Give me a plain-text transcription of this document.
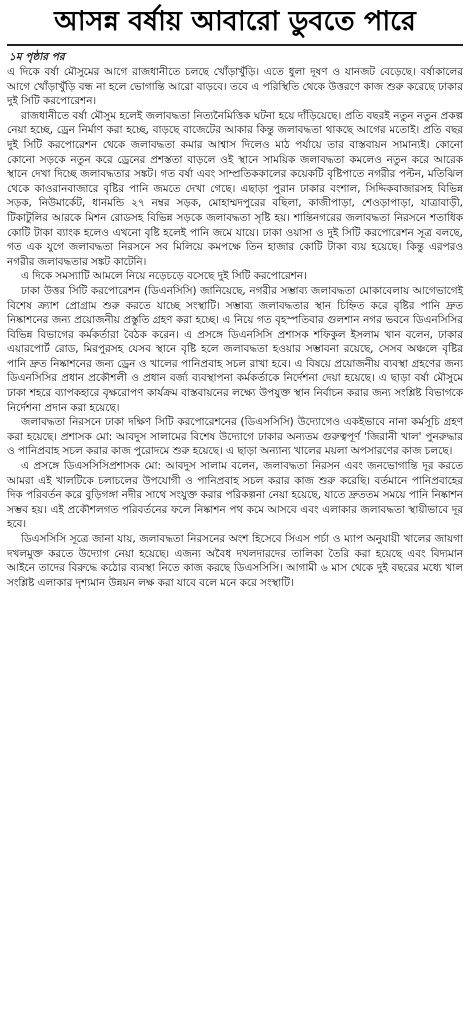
আসন্ন বর্ষায় আবারো ডুবতে পারে
১ম পৃষ্ঠার পর

এ দিকে বর্ষা মৌসুমের আগে রাজধানীতে চলছে খোঁড়াখুঁড়ি। এতে ধুলা দূষণ ও যানজট বেড়েছে। বর্ষাকালের আগে খোঁড়াখুঁড়ি বন্ধ না হলে ভোগান্তি আরো বাড়বে। তবে এ পরিস্থিতি থেকে উত্তরণে কাজ শুরু করেছে ঢাকার দুই সিটি করপোরেশন।

রাজধানীতে বর্ষা মৌসুম হলেই জলাবদ্ধতা নিত্যনৈমিত্তিক ঘটনা হয়ে দাঁড়িয়েছে। প্রতি বছরই নতুন নতুন প্রকল্প নেয়া হচ্ছে, ড্রেন নির্মাণ করা হচ্ছে, বাড়ছে বাজেটের আকার কিন্তু জলাবদ্ধতা থাকছে আগের মতোই। প্রতি বছর দুই সিটি করপোরেশন থেকে জলাবদ্ধতা কমার আশ্বাস দিলেও মাঠ পর্যায়ে তার বাস্তবায়ন সামান্যই। কোনো কোনো সড়কে নতুন করে ড্রেনের প্রশস্ততা বাড়লে ওই স্থানে সাময়িক জলাবদ্ধতা কমলেও নতুন করে আরেক স্থানে দেখা দিচ্ছে জলাবদ্ধতার সঙ্কট। গত বর্ষা এবং সাম্প্রতিককালের কয়েকটি বৃষ্টিপাতে নগরীর পল্টন, মতিঝিল থেকে কাওরানবাজারে বৃষ্টির পানি জমতে দেখা গেছে। এছাড়া পুরান ঢাকার বংশাল, সিদ্দিকবাজারসহ বিভিন্ন সড়ক, নিউমার্কেট, ধানমন্ডি ২৭ নম্বর সড়ক, মোহাম্মদপুরের বছিলা, কাজীপাড়া, শেওড়াপাড়া, যাত্রাবাড়ী, টিকাটুলির আরকে মিশন রোডসহ বিভিন্ন সড়কে জলাবদ্ধতা সৃষ্টি হয়। শান্তিনগরের জলাবদ্ধতা নিরসনে শতাধিক কোটি টাকা ব্যাংক হলেও এখনো বৃষ্টি হলেই পানি জমে যায়ে। ঢাকা ওয়াসা ও দুই সিটি করপোরেশন সূত্র বলছে, গত এক যুগে জলাবদ্ধতা নিরসনে সব মিলিয়ে কমপক্ষে তিন হাজার কোটি টাকা ব্যয় হয়েছে। কিন্তু এরপরও নগরীর জলাবদ্ধতার সঙ্কট কাটেনি।

এ দিকে সমস্যাটি আমলে নিয়ে নড়েচড়ে বসেছে দুই সিটি করপোরেশন।

ঢাকা উত্তর সিটি করপোরেশন (ডিএনসিসি) জানিয়েছে, নগরীর সম্ভাব্য জলাবদ্ধতা মোকাবেলায় আগেভাগেই বিশেষ ক্র্যাশ প্রোগ্রাম শুরু করতে যাচ্ছে সংস্থাটি। সম্ভাব্য জলাবদ্ধতার স্থান চিহ্নিত করে বৃষ্টির পানি দ্রুত নিষ্কাশনের জন্য প্রয়োজনীয় প্রস্তুতি গ্রহণ করা হচ্ছে। এ নিয়ে গত বৃহস্পতিবার গুলশান নগর ভবনে ডিএনসিসির বিভিন্ন বিভাগের কর্মকর্তারা বৈঠক করেন। এ প্রসঙ্গে ডিএনসিসি প্রশাসক শফিকুল ইসলাম খান বলেন, ঢাকার এয়ারপোর্ট রোড, মিরপুরসহ যেসব স্থানে বৃষ্টি হলে জলাবদ্ধতা হওয়ার সম্ভাবনা রয়েছে, সেসব অঞ্চলে বৃষ্টির পানি দ্রুত নিষ্কাশনের জন্য ড্রেন ও খালের পানিপ্রবাহ সচল রাখা হবে। এ বিষয়ে প্রয়োজনীয় ব্যবস্থা গ্রহণের জন্য ডিএনসিসির প্রধান প্রকৌশলী ও প্রধান বর্জ্য ব্যবস্থাপনা কর্মকর্তাকে নির্দেশনা দেয়া হয়েছে। এ ছাড়া বর্ষা মৌসুমে ঢাকা শহরে ব্যাপকহারে বৃক্ষরোপণ কার্যক্রম বাস্তবায়নের লক্ষ্যে উপযুক্ত স্থান নির্বাচন করার জন্য সংশ্লিষ্ট বিভাগকে নির্দেশনা প্রদান করা হয়েছে।

জলাবদ্ধতা নিরসনে ঢাকা দক্ষিণ সিটি করপোরেশনের (ডিএসসিসি) উদ্যোগেও একইভাবে নানা কর্মসূচি গ্রহণ করা হয়েছে। প্রশাসক মো: আবদুস সালামের বিশেষ উদ্যোগে ঢাকার অন্যতম গুরুত্বপূর্ণ 'জিরানী খাল' পুনরুদ্ধার ও পানিপ্রবাহ সচল করার কাজ পুরোদমে শুরু হয়েছে। এ ছাড়া অন্যান্য খালের ময়লা অপসারণের কাজ চলছে।

এ প্রসঙ্গে ডিএসসিসিপ্রশাসক মো: আবদুস সালাম বলেন, জলাবদ্ধতা নিরসন এবং জনভোগান্তি দূর করতে আমরা এই খালটিকে চলাচলের উপযোগী ও পানিপ্রবাহ সচল করার কাজ শুরু করেছি। বর্তমানে পানিপ্রবাহের দিক পরিবর্তন করে বুড়িগঙ্গা নদীর সাথে সংযুক্ত করার পরিকল্পনা নেয়া হয়েছে, যাতে দ্রুততম সময়ে পানি নিষ্কাশন সম্ভব হয়। এই প্রকৌশলগত পরিবর্তনের ফলে নিষ্কাশন পথ কমে আসবে এবং এলাকার জলাবদ্ধতা স্থায়ীভাবে দূর হবে।

ডিএসসিসি সূত্রে জানা যায়, জলাবদ্ধতা নিরসনের অংশ হিসেবে সিএস পর্চা ও ম্যাপ অনুযায়ী খালের জায়গা দখলমুক্ত করতে উদ্যোগ নেয়া হয়েছে। এজন্য অবৈধ দখলদারদের তালিকা তৈরি করা হয়েছে এবং বিদ্যমান আইনে তাদের বিরুদ্ধে কঠোর ব্যবস্থা নিতে কাজ করছে ডিএসসিসি। আগামী ৬ মাস থেকে দুই বছরের মধ্যে খাল সংশ্লিষ্ট এলাকার দৃশ্যমান উন্নয়ন লক্ষ করা যাবে বলে মনে করে সংস্থাটি।
